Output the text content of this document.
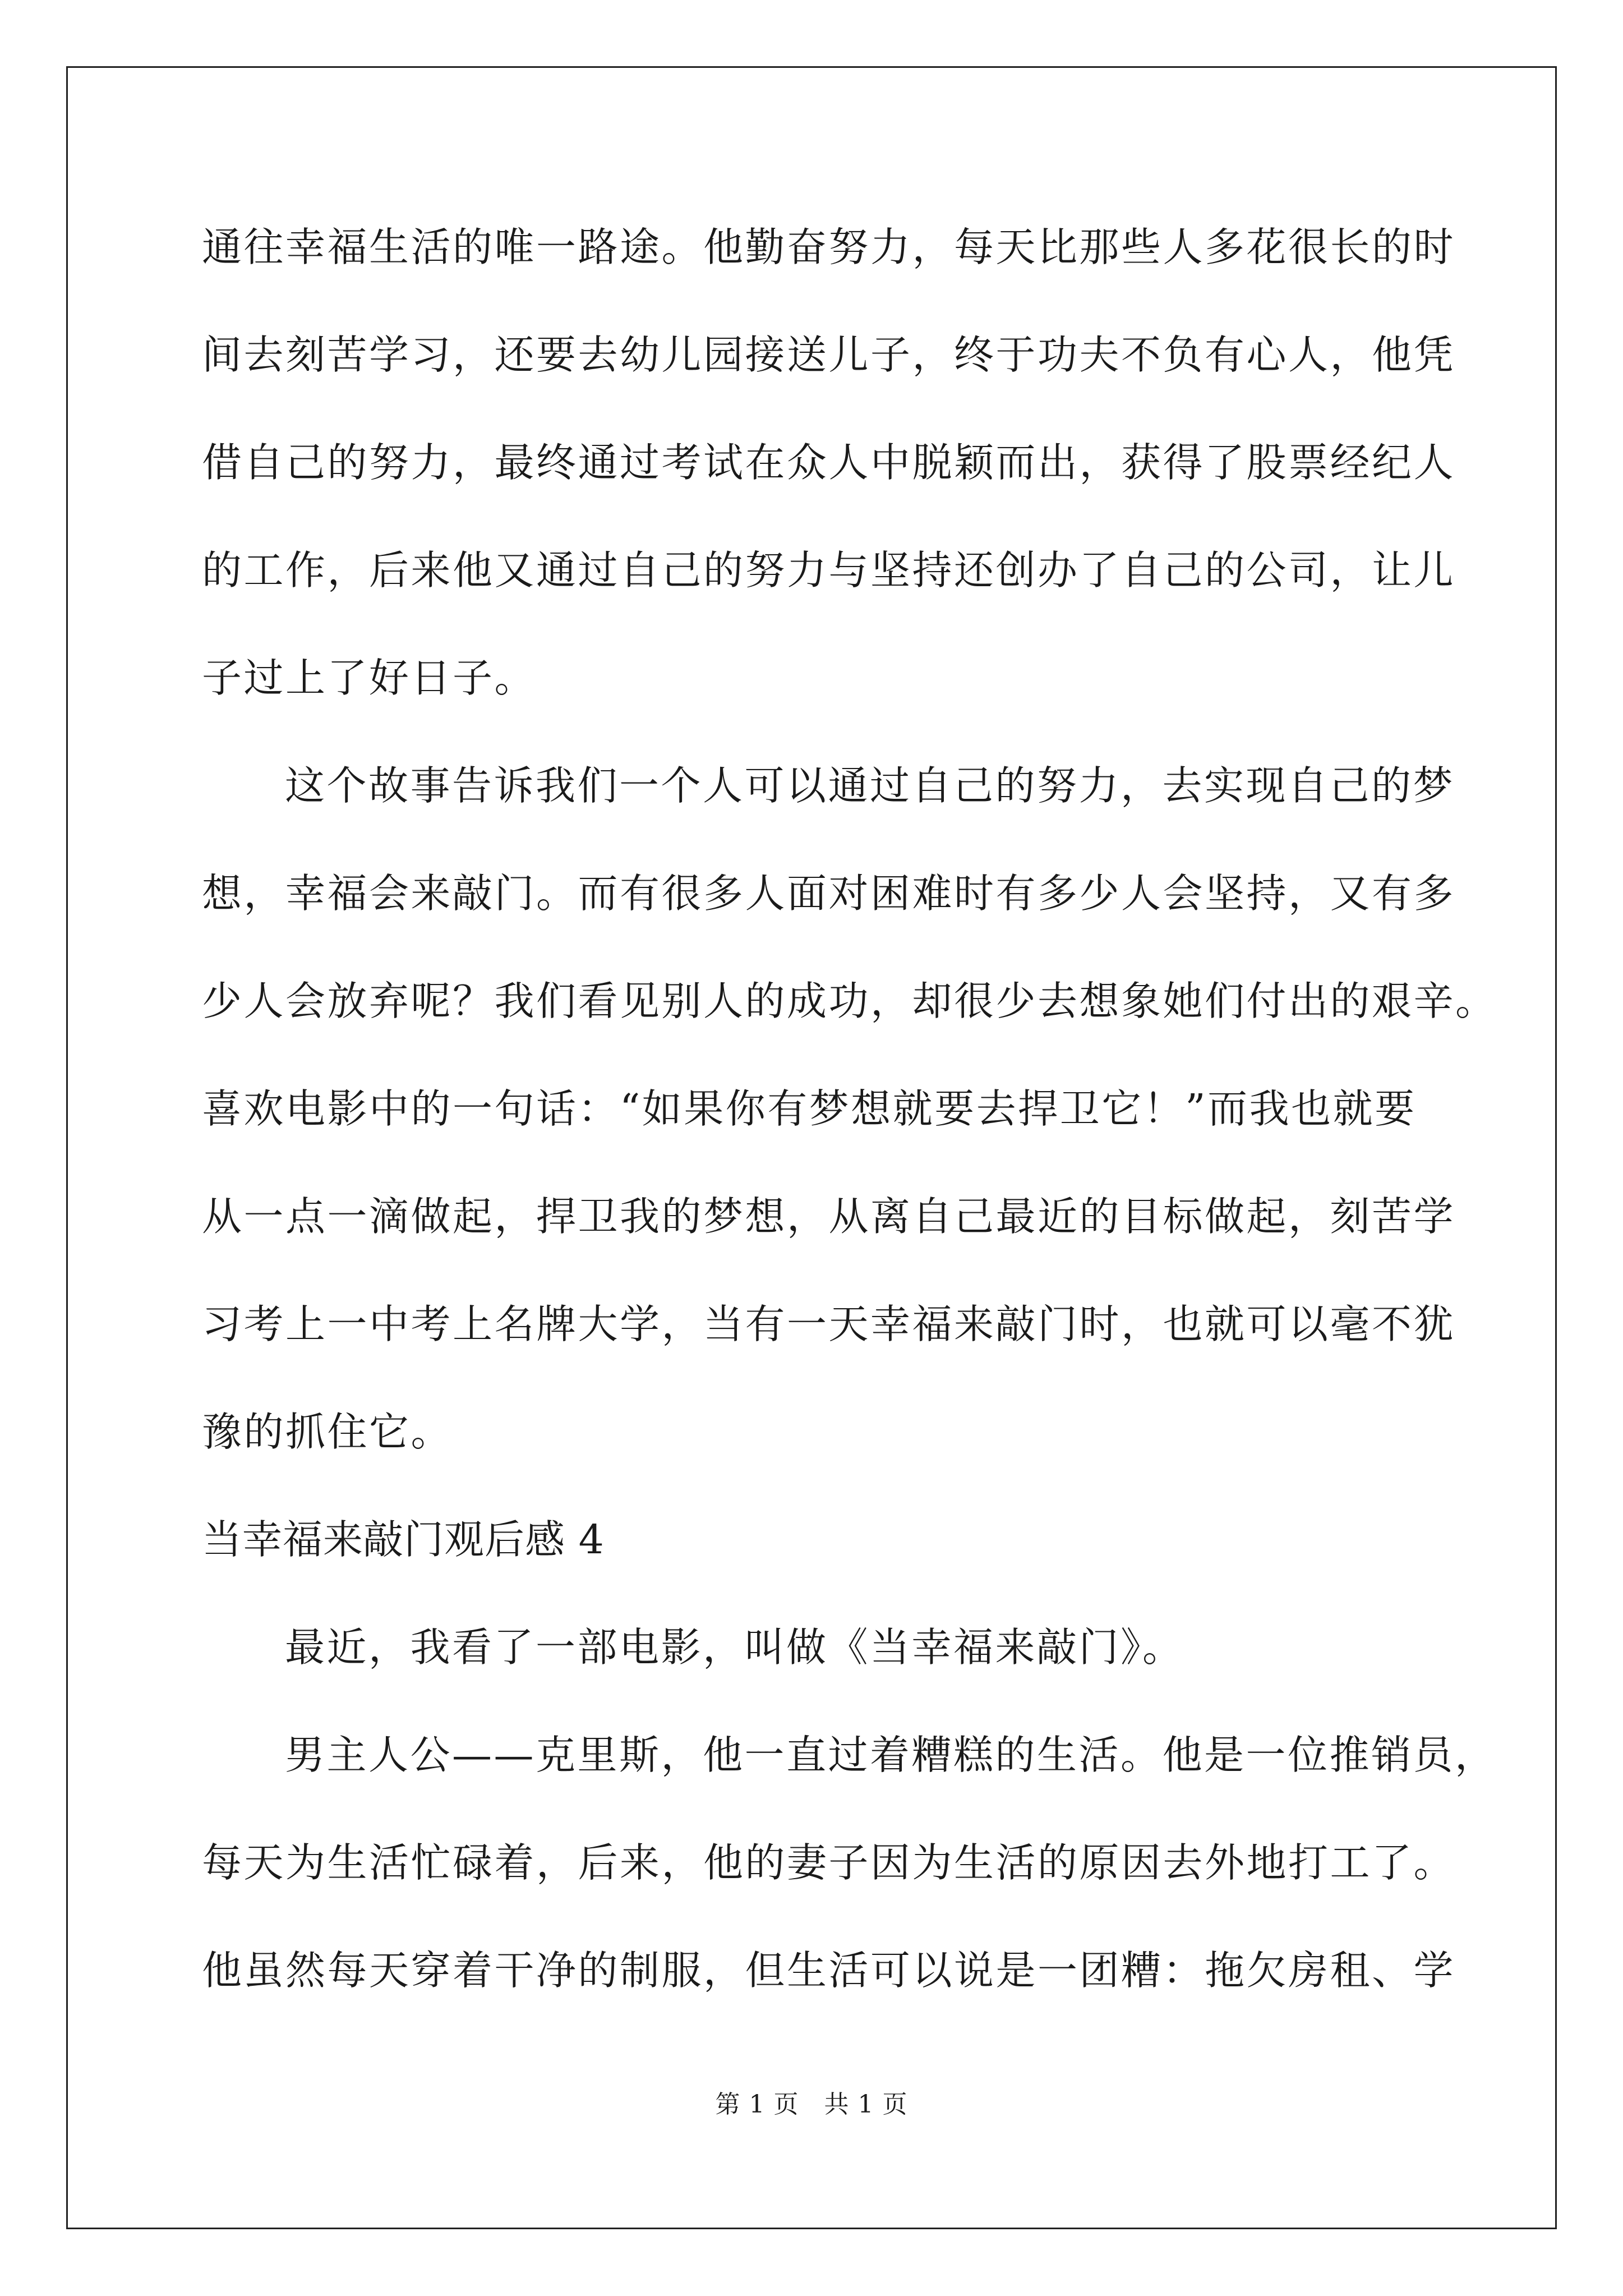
通往幸福生活的唯一路途。他勤奋努力，每天比那些人多花很长的时
间去刻苦学习，还要去幼儿园接送儿子，终于功夫不负有心人，他凭
借自己的努力，最终通过考试在众人中脱颖而出，获得了股票经纪人
的工作，后来他又通过自己的努力与坚持还创办了自己的公司，让儿
子过上了好日子。
这个故事告诉我们一个人可以通过自己的努力，去实现自己的梦
想，幸福会来敲门。而有很多人面对困难时有多少人会坚持，又有多
少人会放弃呢？我们看见别人的成功，却很少去想象她们付出的艰辛。
喜欢电影中的一句话：“如果你有梦想就要去捍卫它！”而我也就要
从一点一滴做起，捍卫我的梦想，从离自己最近的目标做起，刻苦学
习考上一中考上名牌大学，当有一天幸福来敲门时，也就可以毫不犹
豫的抓住它。
当幸福来敲门观后感 4
最近，我看了一部电影，叫做《当幸福来敲门》。
男主人公——克里斯，他一直过着糟糕的生活。他是一位推销员，
每天为生活忙碌着，后来，他的妻子因为生活的原因去外地打工了。
他虽然每天穿着干净的制服，但生活可以说是一团糟：拖欠房租、学
第 1 页　共 1 页
